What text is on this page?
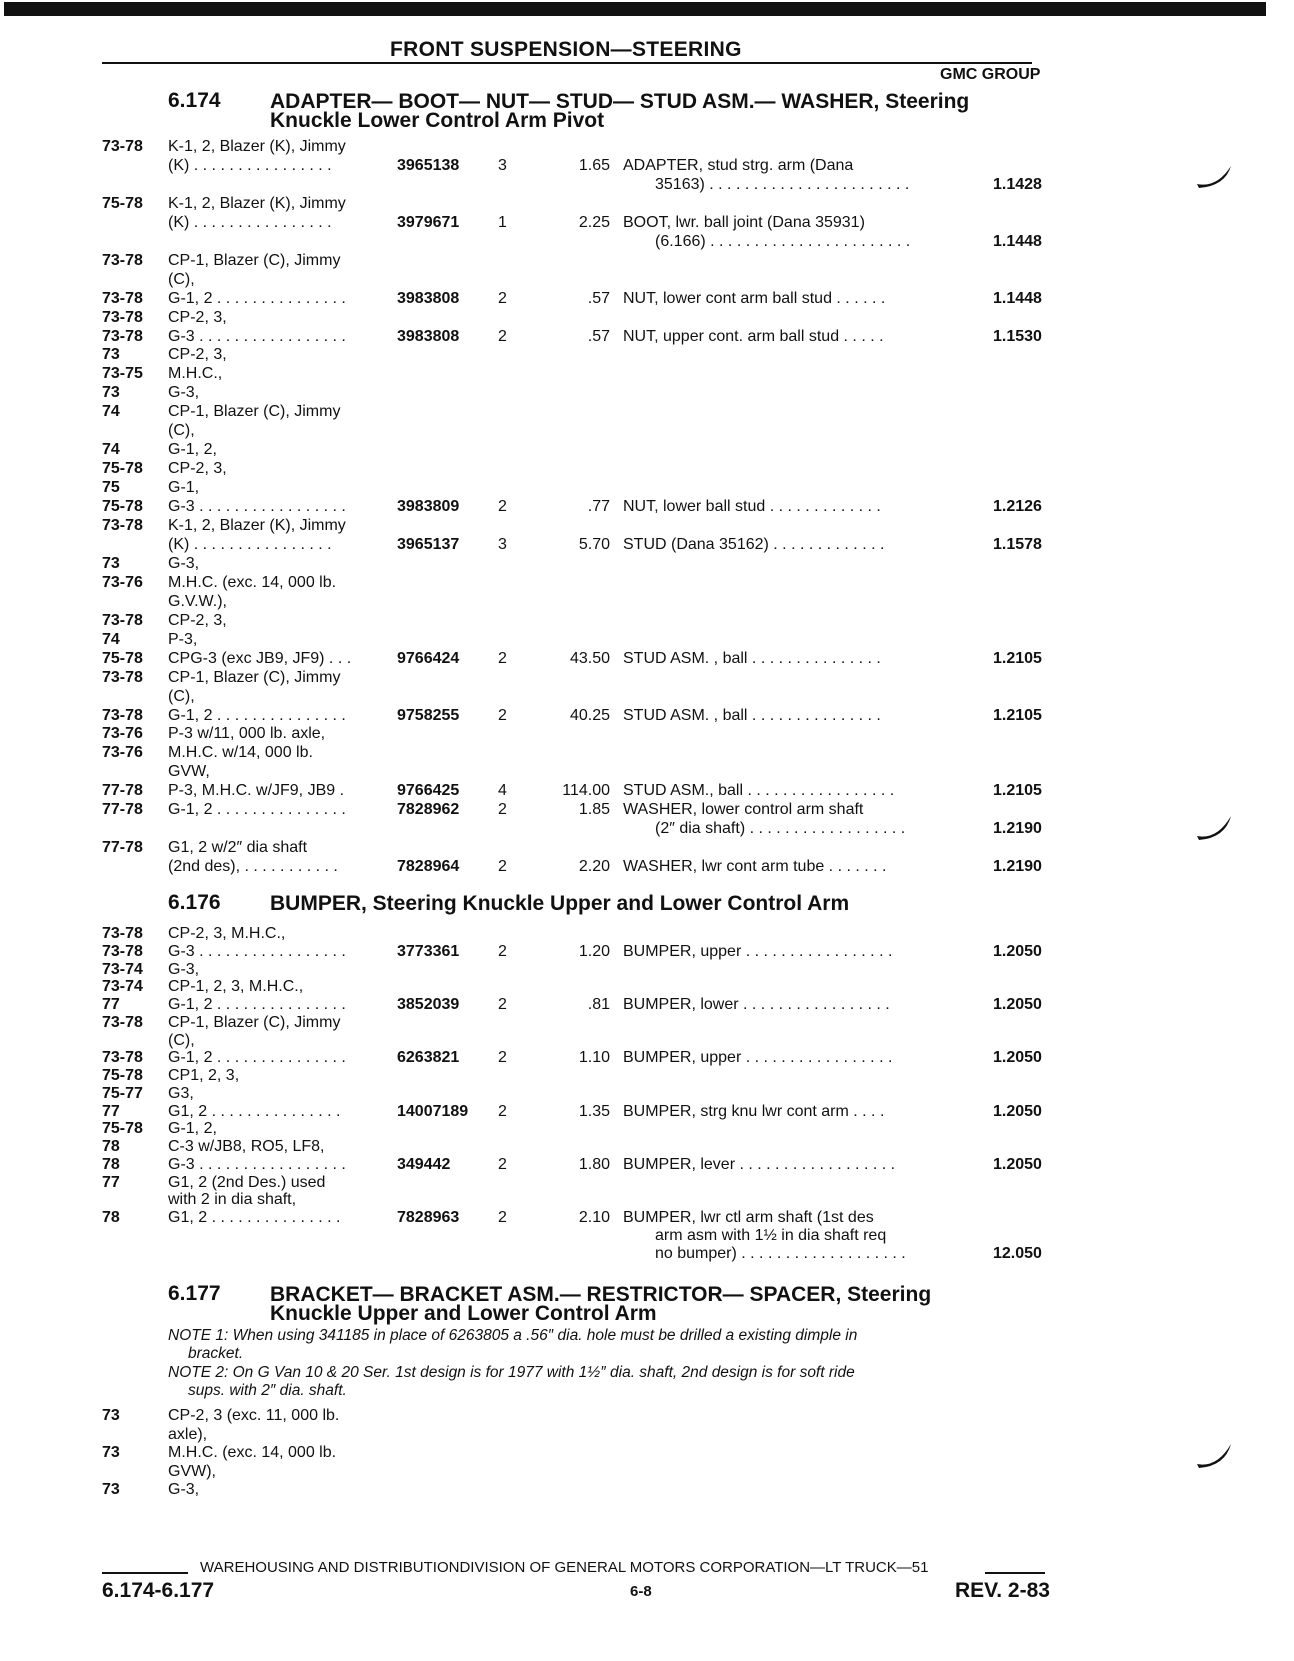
FRONT SUSPENSION—STEERING
GMC GROUP
6.174 ADAPTER— BOOT— NUT— STUD— STUD ASM.— WASHER, Steering
Knuckle Lower Control Arm Pivot
73-78 K-1, 2, Blazer (K), Jimmy
(K) . . . . . . . . . . . . . . . .	3965138 3	1.65 ADAPTER, stud strg. arm (Dana
35163) . . . . . . . . . . . . . . . . . . . . . . .	1.1428
75-78 K-1, 2, Blazer (K), Jimmy
(K) . . . . . . . . . . . . . . . .	3979671 1	2.25 BOOT, lwr. ball joint (Dana 35931)
(6.166) . . . . . . . . . . . . . . . . . . . . . . .	1.1448
73-78 CP-1, Blazer (C), Jimmy
(C),
73-78 G-1, 2 . . . . . . . . . . . . . . .	3983808 2	.57 NUT, lower cont arm ball stud . . . . . .	1.1448
73-78 CP-2, 3,
73-78 G-3 . . . . . . . . . . . . . . . . .	3983808 2	.57 NUT, upper cont. arm ball stud . . . . .	1.1530
73	CP-2, 3,
73-75 M.H.C.,
73	G-3,
74	CP-1, Blazer (C), Jimmy
(C),
74	G-1, 2,
75-78 CP-2, 3,
75	G-1,
75-78 G-3 . . . . . . . . . . . . . . . . .	3983809 2	.77 NUT, lower ball stud . . . . . . . . . . . . .	1.2126
73-78 K-1, 2, Blazer (K), Jimmy
(K) . . . . . . . . . . . . . . . .	3965137 3	5.70 STUD (Dana 35162) . . . . . . . . . . . . .	1.1578
73	G-3,
73-76 M.H.C. (exc. 14, 000 lb.
G.V.W.),
73-78 CP-2, 3,
74	P-3,
75-78 CPG-3 (exc JB9, JF9) . . .	9766424 2	43.50 STUD ASM. , ball . . . . . . . . . . . . . . .	1.2105
73-78 CP-1, Blazer (C), Jimmy
(C),
73-78 G-1, 2 . . . . . . . . . . . . . . .	9758255 2	40.25 STUD ASM. , ball . . . . . . . . . . . . . . .	1.2105
73-76 P-3 w/11, 000 lb. axle,
73-76 M.H.C. w/14, 000 lb.
GVW,
77-78 P-3, M.H.C. w/JF9, JB9 .	9766425 4	114.00 STUD ASM., ball . . . . . . . . . . . . . . . . .	1.2105
77-78 G-1, 2 . . . . . . . . . . . . . . .	7828962 2	1.85 WASHER, lower control arm shaft
(2″ dia shaft) . . . . . . . . . . . . . . . . . .	1.2190
77-78 G1, 2 w/2″ dia shaft
(2nd des), . . . . . . . . . . .	7828964 2	2.20 WASHER, lwr cont arm tube . . . . . . .	1.2190
6.176 BUMPER, Steering Knuckle Upper and Lower Control Arm
73-78 CP-2, 3, M.H.C.,
73-78 G-3 . . . . . . . . . . . . . . . . .	3773361 2	1.20 BUMPER, upper . . . . . . . . . . . . . . . . .	1.2050
73-74 G-3,
73-74 CP-1, 2, 3, M.H.C.,
77	G-1, 2 . . . . . . . . . . . . . . .	3852039 2	.81 BUMPER, lower . . . . . . . . . . . . . . . . .	1.2050
73-78 CP-1, Blazer (C), Jimmy
(C),
73-78 G-1, 2 . . . . . . . . . . . . . . .	6263821 2	1.10 BUMPER, upper . . . . . . . . . . . . . . . . .	1.2050
75-78 CP1, 2, 3,
75-77 G3,
77	G1, 2 . . . . . . . . . . . . . . .	14007189 2	1.35 BUMPER, strg knu lwr cont arm . . . .	1.2050
75-78 G-1, 2,
78	C-3 w/JB8, RO5, LF8,
78	G-3 . . . . . . . . . . . . . . . . .	349442	2	1.80 BUMPER, lever . . . . . . . . . . . . . . . . . .	1.2050
77	G1, 2 (2nd Des.) used
with 2 in dia shaft,
78	G1, 2 . . . . . . . . . . . . . . .	7828963 2	2.10 BUMPER, lwr ctl arm shaft (1st des
arm asm with 1½ in dia shaft req
no bumper) . . . . . . . . . . . . . . . . . . .	12.050
6.177 BRACKET— BRACKET ASM.— RESTRICTOR— SPACER, Steering
Knuckle Upper and Lower Control Arm
NOTE 1: When using 341185 in place of 6263805 a .56″ dia. hole must be drilled a existing dimple in
bracket.
NOTE 2: On G Van 10 & 20 Ser. 1st design is for 1977 with 1½″ dia. shaft, 2nd design is for soft ride
sups. with 2″ dia. shaft.
73	CP-2, 3 (exc. 11, 000 lb.
axle),
73	M.H.C. (exc. 14, 000 lb.
GVW),
73	G-3,
WAREHOUSING AND DISTRIBUTIONDIVISION OF GENERAL MOTORS CORPORATION—LT TRUCK—51
6.174-6.177	6-8	REV. 2-83
